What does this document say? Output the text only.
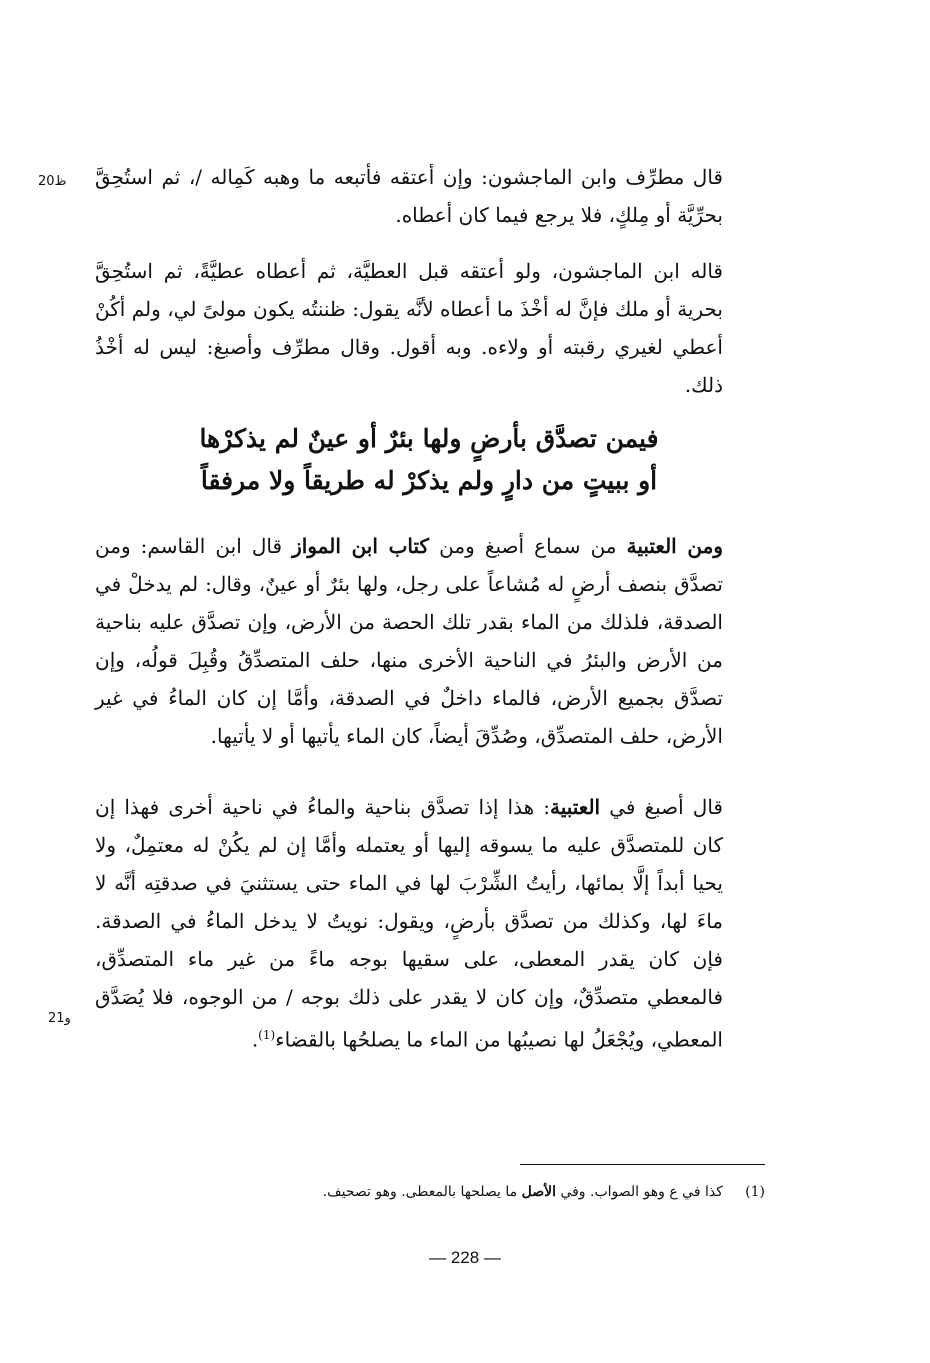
ظ20 قال مطرِّف وابن الماجشون: وإن أعتقه فأتبعه ما وهبه كَمِاله /، ثم استُحِقَّ بحرِّيَّة أو مِلكٍ، فلا يرجع فيما كان أعطاه.

قاله ابن الماجشون، ولو أعتقه قبل العطيَّة، ثم أعطاه عطيَّةً، ثم استُحِقَّ بحرية أو ملك فإنَّ له أخْذَ ما أعطاه لأنَّه يقول: ظننتُه يكون مولىً لي، ولم أكُنْ أعطي لغيري رقبته أو ولاءه. وبه أقول. وقال مطرِّف وأصبغ: ليس له أخْذُ ذلك.

فيمن تصدَّق بأرضٍ ولها بئرٌ أو عينٌ لم يذكرْها
أو ببيتٍ من دارٍ ولم يذكرْ له طريقاً ولا مرفقاً

ومن العتبية من سماع أصبغ ومن كتاب ابن المواز قال ابن القاسم: ومن تصدَّق بنصف أرضٍ له مُشاعاً على رجل، ولها بئرٌ أو عينٌ، وقال: لم يدخلْ في الصدقة، فلذلك من الماء بقدر تلك الحصة من الأرض، وإن تصدَّق عليه بناحية من الأرض والبئرُ في الناحية الأخرى منها، حلف المتصدِّقُ وقُبِلَ قولُه، وإن تصدَّق بجميع الأرض، فالماء داخلٌ في الصدقة، وأمَّا إن كان الماءُ في غير الأرض، حلف المتصدِّق، وصُدِّقَ أيضاً، كان الماء يأتيها أو لا يأتيها.

قال أصبغ في العتبية: هذا إذا تصدَّق بناحية والماءُ في ناحية أخرى فهذا إن كان للمتصدَّق عليه ما يسوقه إليها أو يعتمله وأمَّا إن لم يكُنْ له معتمِلٌ، ولا يحيا أبداً إلَّا بمائها، رأيتُ الشِّرْبَ لها في الماء حتى يستثنيَ في صدقتِه أنَّه لا ماءَ لها، وكذلك من تصدَّق بأرضٍ، ويقول: نويتُ لا يدخل الماءُ في الصدقة. فإن كان يقدر المعطى، على سقيها بوجه ماءً من غير ماء المتصدِّق، فالمعطي متصدِّقٌ، وإن كان لا يقدر على ذلك بوجه / من الوجوه، فلا يُصَدَّق المعطي، ويُجْعَلُ لها نصيبُها من الماء ما يصلحُها بالقضاء$^{(1)}$.

و21
(1)     كذا في ع وهو الصواب. وفي الأصل ما يصلحها بالمعطى. وهو تصحيف.
— 228 —
